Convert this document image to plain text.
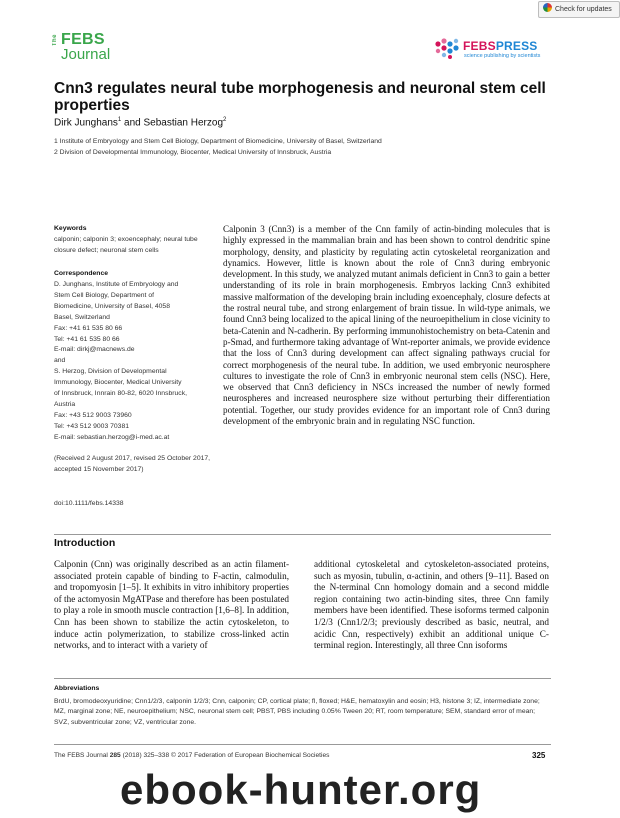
Check for updates
The FEBS
Journal	FEBSPRESS
science publishing by scientists
Cnn3 regulates neural tube morphogenesis and neuronal stem cell properties
Dirk Junghans$^1$ and Sebastian Herzog$^2$
1 Institute of Embryology and Stem Cell Biology, Department of Biomedicine, University of Basel, Switzerland
2 Division of Developmental Immunology, Biocenter, Medical University of Innsbruck, Austria
Keywords
calponin; calponin 3; exoencephaly; neural tube closure defect; neuronal stem cells
Correspondence
D. Junghans, Institute of Embryology and
Stem Cell Biology, Department of
Biomedicine, University of Basel, 4058
Basel, Switzerland
Fax: +41 61 535 80 66
Tel: +41 61 535 80 66
E-mail: dirkj@macnews.de
and
S. Herzog, Division of Developmental
Immunology, Biocenter, Medical University
of Innsbruck, Innrain 80-82, 6020 Innsbruck,
Austria
Fax: +43 512 9003 73960
Tel: +43 512 9003 70381
E-mail: sebastian.herzog@i-med.ac.at
(Received 2 August 2017, revised 25 October 2017, accepted 15 November 2017)
doi:10.1111/febs.14338
Calponin 3 (Cnn3) is a member of the Cnn family of actin-binding molecules that is highly expressed in the mammalian brain and has been shown to control dendritic spine morphology, density, and plasticity by regulating actin cytoskeletal reorganization and dynamics. However, little is known about the role of Cnn3 during embryonic development. In this study, we analyzed mutant animals deficient in Cnn3 to gain a better understanding of its role in brain morphogenesis. Embryos lacking Cnn3 exhibited massive malformation of the developing brain including exoencephaly, closure defects at the rostral neural tube, and strong enlargement of brain tissue. In wild-type animals, we found Cnn3 being localized to the apical lining of the neuroepithelium in close vicinity to beta-Catenin and N-cadherin. By performing immunohistochemistry on beta-Catenin and p-Smad, and furthermore taking advantage of Wnt-reporter animals, we provide evidence that the loss of Cnn3 during development can affect signaling pathways crucial for correct morphogenesis of the neural tube. In addition, we used embryonic neurosphere cultures to investigate the role of Cnn3 in embryonic neuronal stem cells (NSC). Here, we observed that Cnn3 deficiency in NSCs increased the number of newly formed neurospheres and increased neurosphere size without perturbing their differentiation potential. Together, our study provides evidence for an important role of Cnn3 during development of the embryonic brain and in regulating NSC function.
Introduction
Calponin (Cnn) was originally described as an actin filament-associated protein capable of binding to F-actin, calmodulin, and tropomyosin [1–5]. It exhibits in vitro inhibitory properties of the actomyosin MgATPase and therefore has been postulated to play a role in smooth muscle contraction [1,6–8]. In addition, Cnn has been shown to stabilize the actin cytoskeleton, to induce actin polymerization, to stabilize cross-linked actin networks, and to interact with a variety of
additional cytoskeletal and cytoskeleton-associated proteins, such as myosin, tubulin, α-actinin, and others [9–11]. Based on the N-terminal Cnn homology domain and a second middle region containing two actin-binding sites, three Cnn family members have been identified. These isoforms termed calponin 1/2/3 (Cnn1/2/3; previously described as basic, neutral, and acidic Cnn, respectively) exhibit an additional unique C-terminal region. Interestingly, all three Cnn isoforms
Abbreviations
BrdU, bromodeoxyuridine; Cnn1/2/3, calponin 1/2/3; Cnn, calponin; CP, cortical plate; fl, floxed; H&E, hematoxylin and eosin; H3, histone 3; IZ, intermediate zone; MZ, marginal zone; NE, neuroepithelium; NSC, neuronal stem cell; PBST, PBS including 0.05% Tween 20; RT, room temperature; SEM, standard error of mean; SVZ, subventricular zone; VZ, ventricular zone.
The FEBS Journal 285 (2018) 325–338 © 2017 Federation of European Biochemical Societies	325
ebook-hunter.org
